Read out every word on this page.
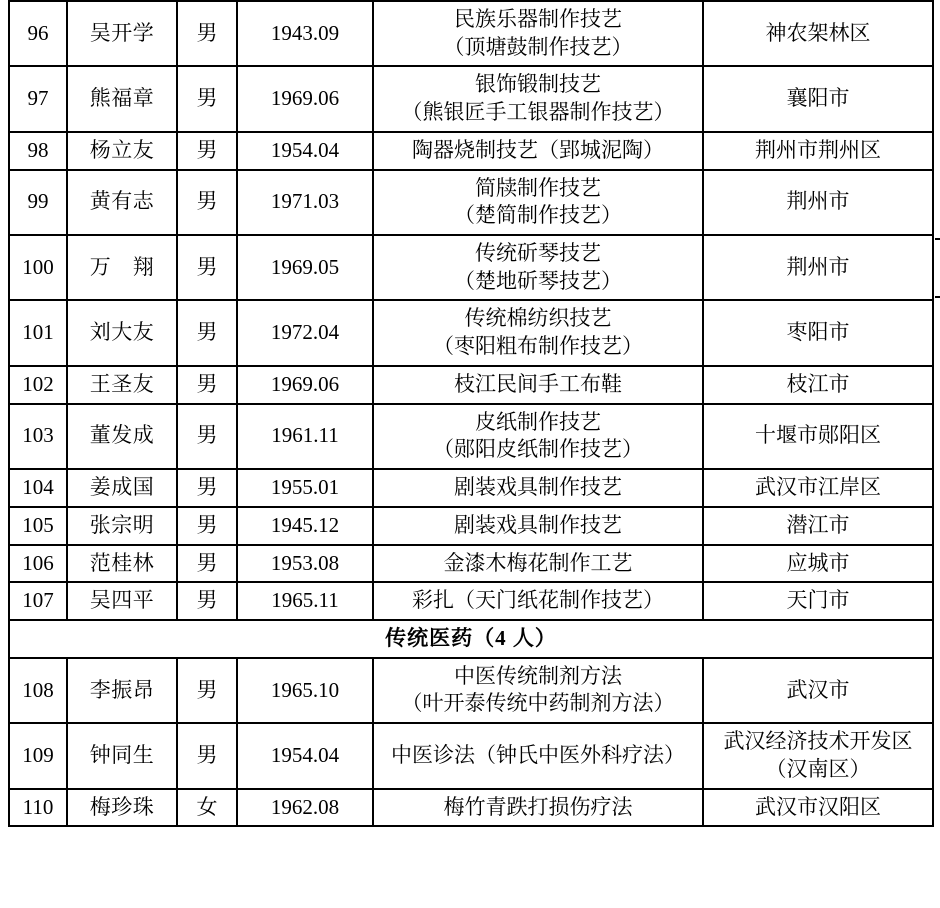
96	吴开学	男	1943.09	民族乐器制作技艺
（顶塘鼓制作技艺）	神农架林区

97	熊福章	男	1969.06	银饰锻制技艺
（熊银匠手工银器制作技艺）	襄阳市

98	杨立友	男	1954.04	陶器烧制技艺（郢城泥陶）	荆州市荆州区

99	黄有志	男	1971.03	简牍制作技艺
（楚简制作技艺）	荆州市

100	万　翔	男	1969.05	传统斫琴技艺
（楚地斫琴技艺）	荆州市

101	刘大友	男	1972.04	传统棉纺织技艺
（枣阳粗布制作技艺）	枣阳市

102	王圣友	男	1969.06	枝江民间手工布鞋	枝江市

103	董发成	男	1961.11	皮纸制作技艺
（郧阳皮纸制作技艺）	十堰市郧阳区

104	姜成国	男	1955.01	剧装戏具制作技艺	武汉市江岸区

105	张宗明	男	1945.12	剧装戏具制作技艺	潜江市

106	范桂林	男	1953.08	金漆木梅花制作工艺	应城市

107	吴四平	男	1965.11	彩扎（天门纸花制作技艺）	天门市

传统医药（4 人）					
108	李振昂	男	1965.10	中医传统制剂方法
（叶开泰传统中药制剂方法）	武汉市

109	钟同生	男	1954.04	中医诊法（钟氏中医外科疗法）	武汉经济技术开发区（汉南区）

110	梅珍珠	女	1962.08	梅竹青跌打损伤疗法	武汉市汉阳区
